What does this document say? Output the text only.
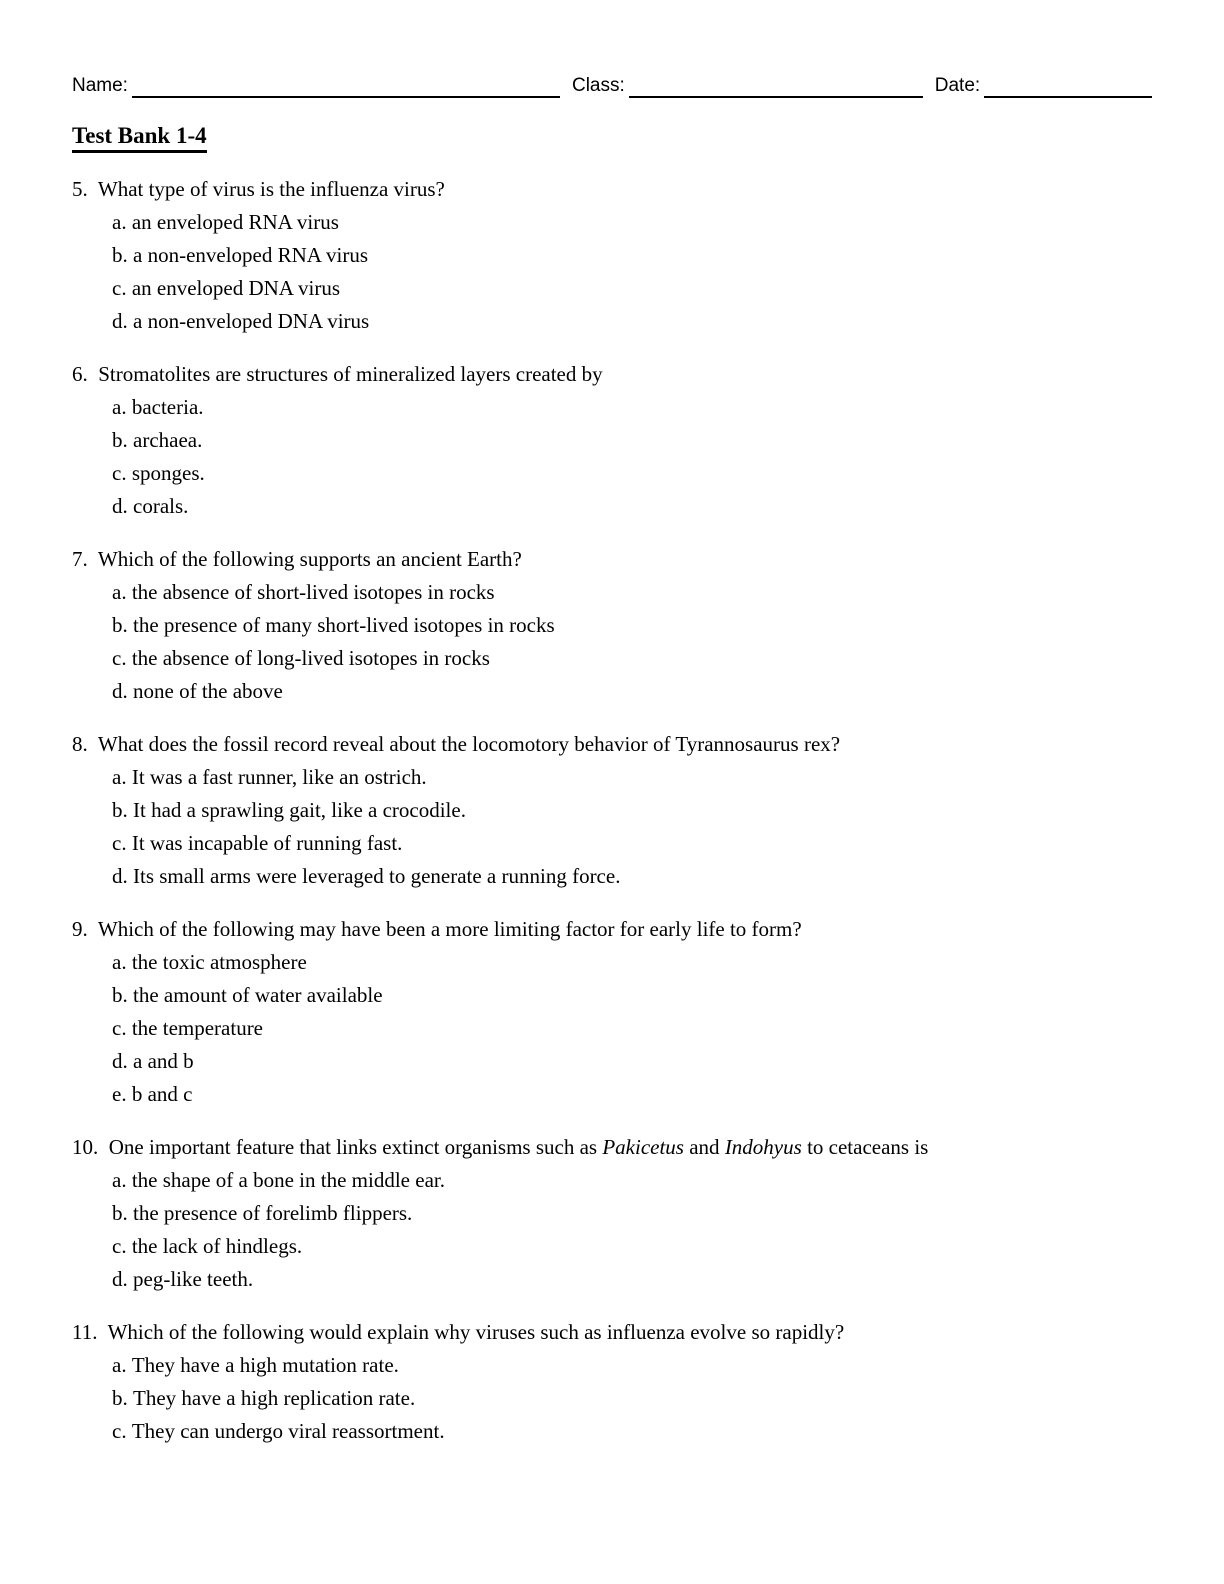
Name:	Class:	Date:
Test Bank 1-4
5. What type of virus is the influenza virus?
a. an enveloped RNA virus
b. a non-enveloped RNA virus
c. an enveloped DNA virus
d. a non-enveloped DNA virus
6. Stromatolites are structures of mineralized layers created by
a. bacteria.
b. archaea.
c. sponges.
d. corals.
7. Which of the following supports an ancient Earth?
a. the absence of short-lived isotopes in rocks
b. the presence of many short-lived isotopes in rocks
c. the absence of long-lived isotopes in rocks
d. none of the above
8. What does the fossil record reveal about the locomotory behavior of Tyrannosaurus rex?
a. It was a fast runner, like an ostrich.
b. It had a sprawling gait, like a crocodile.
c. It was incapable of running fast.
d. Its small arms were leveraged to generate a running force.
9. Which of the following may have been a more limiting factor for early life to form?
a. the toxic atmosphere
b. the amount of water available
c. the temperature
d. a and b
e. b and c
10. One important feature that links extinct organisms such as Pakicetus and Indohyus to cetaceans is
a. the shape of a bone in the middle ear.
b. the presence of forelimb flippers.
c. the lack of hindlegs.
d. peg-like teeth.
11. Which of the following would explain why viruses such as influenza evolve so rapidly?
a. They have a high mutation rate.
b. They have a high replication rate.
c. They can undergo viral reassortment.
